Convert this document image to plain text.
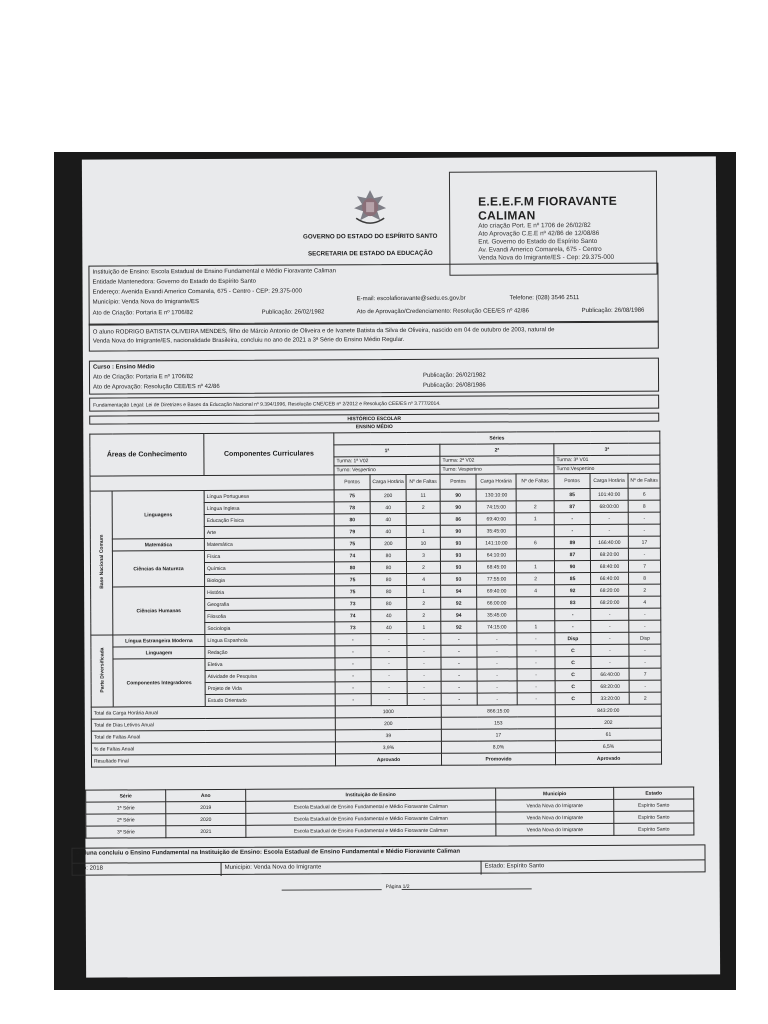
GOVERNO DO ESTADO DO ESPÍRITO SANTO
SECRETARIA DE ESTADO DA EDUCAÇÃO
E.E.E.F.M FIORAVANTE CALIMAN
Ato criação Port. E nº 1706 de 26/02/82
Ato Aprovação C.E.E nº 42/86 de 12/08/86
Ent. Governo do Estado do Espírito Santo
Av. Evandi Americo Comarela, 675 - Centro
Venda Nova do Imigrante/ES - Cep: 29.375-000
Instituição de Ensino: Escola Estadual de Ensino Fundamental e Médio Fioravante Caliman
Entidade Mantenedora: Governo do Estado do Espírito Santo
Endereço: Avenida Evandi Americo Comarela, 675 - Centro - CEP: 29.375-000
Município: Venda Nova do Imigrante/ES
E-mail: escolafioravante@sedu.es.gov.br	Telefone: (028) 3546 2511
Ato de Criação: Portaria E nº 1706/82	Publicação: 26/02/1982	Ato de Aprovação/Credenciamento: Resolução CEE/ES nº 42/86	Publicação: 26/08/1986
O aluno RODRIGO BATISTA OLIVEIRA MENDES, filho de Márcio Antonio de Oliveira e de Ivanete Batista da Silva de Oliveira, nascido em 04 de outubro de 2003, natural de
Venda Nova do Imigrante/ES, nacionalidade Brasileira, concluiu no ano de 2021 a 3ª Série do Ensino Médio Regular.
Curso : Ensino Médio
Ato de Criação: Portaria E nº 1706/82	Publicação: 26/02/1982
Ato de Aprovação: Resolução CEE/ES nº 42/86	Publicação: 26/08/1986
Fundamentação Legal: Lei de Diretrizes e Bases da Educação Nacional nº 9.394/1996, Resolução CNE/CEB nº 2/2012 e Resolução CEE/ES nº 3.777/2014.
HISTÓRICO ESCOLAR
ENSINO MÉDIO
Áreas de Conhecimento		Componentes Curriculares	Séries								
			1ª			2ª			3ª		
			Turma: 1ª V02			Turma: 2ª V02			Turma: 3ª V01		
			Turno: Vespertino			Turno: Vespertino			Turno:Vespertino		
			Pontos	Carga Horária	Nº de Faltas	Pontos	Carga Horária	Nº de Faltas	Pontos	Carga Horária	Nº de Faltas
Base Nacional Comum	Linguagens	Língua Portuguesa	75	200	11	90	130:10:00		85	101:40:00	6
		Língua Inglesa	78	40	2	90	74:15:00	2	87	68:00:00	8
		Educação Física	80	40		86	69:40:00	1	-	-	-
		Arte	79	40	1	90	35:45:00		-	-	-
	Matemática	Matemática	75	200	10	93	141:10:00	6	89	166:40:00	17
	Ciências da Natureza	Física	74	80	3	93	64:10:00		87	68:20:00	-
		Química	80	80	2	93	68:45:00	1	90	68:40:00	7
		Biologia	75	80	4	93	77:55:00	2	85	66:40:00	8
	Ciências Humanas	História	75	80	1	94	69:40:00	4	92	68:20:00	2
		Geografia	73	80	2	92	66:00:00		83	68:20:00	4
		Filosofia	74	40	2	94	35:45:00		-	-	-
		Sociologia	73	40	1	92	74:15:00	1	-	-	-
Parte Diversificada	Língua Estrangeira Moderna	Língua Espanhola	-	-	-	-	-	-	Disp	-	Disp
	Linguagem	Redação	-	-	-	-	-	-	C	-	-
	Componentes Integradores	Eletiva	-	-	-	-	-	-	C	-	-
		Atividade de Pesquisa	-	-	-	-	-	-	C	66:40:00	7
		Projeto de Vida	-	-	-	-	-	-	C	68:20:00	-
		Estudo Orientado	-	-	-	-	-	-	C	33:20:00	2
Total da Carga Horária Anual			1000			866:15:00			843:20:00		
Total de Dias Letivos Anual			200			153			202		
Total de Faltas Anual			39			17			61		
% de Faltas Anual			3,9%			8,0%			6,5%		
Resultado Final			Aprovado			Promovido			Aprovado		
Série	Ano	Instituição de Ensino	Município	Estado
1ª Série	2019	Escola Estadual de Ensino Fundamental e Médio Fioravante Caliman	Venda Nova do Imigrante	Espírito Santo
2ª Série	2020	Escola Estadual de Ensino Fundamental e Médio Fioravante Caliman	Venda Nova do Imigrante	Espírito Santo
3ª Série	2021	Escola Estadual de Ensino Fundamental e Médio Fioravante Caliman	Venda Nova do Imigrante	Espírito Santo
A aluna concluiu o Ensino Fundamental na Instituição de Ensino: Escola Estadual de Ensino Fundamental e Médio Fioravante Caliman
Ano: 2018	Município: Venda Nova do Imigrante	Estado: Espírito Santo
Página 1/2
